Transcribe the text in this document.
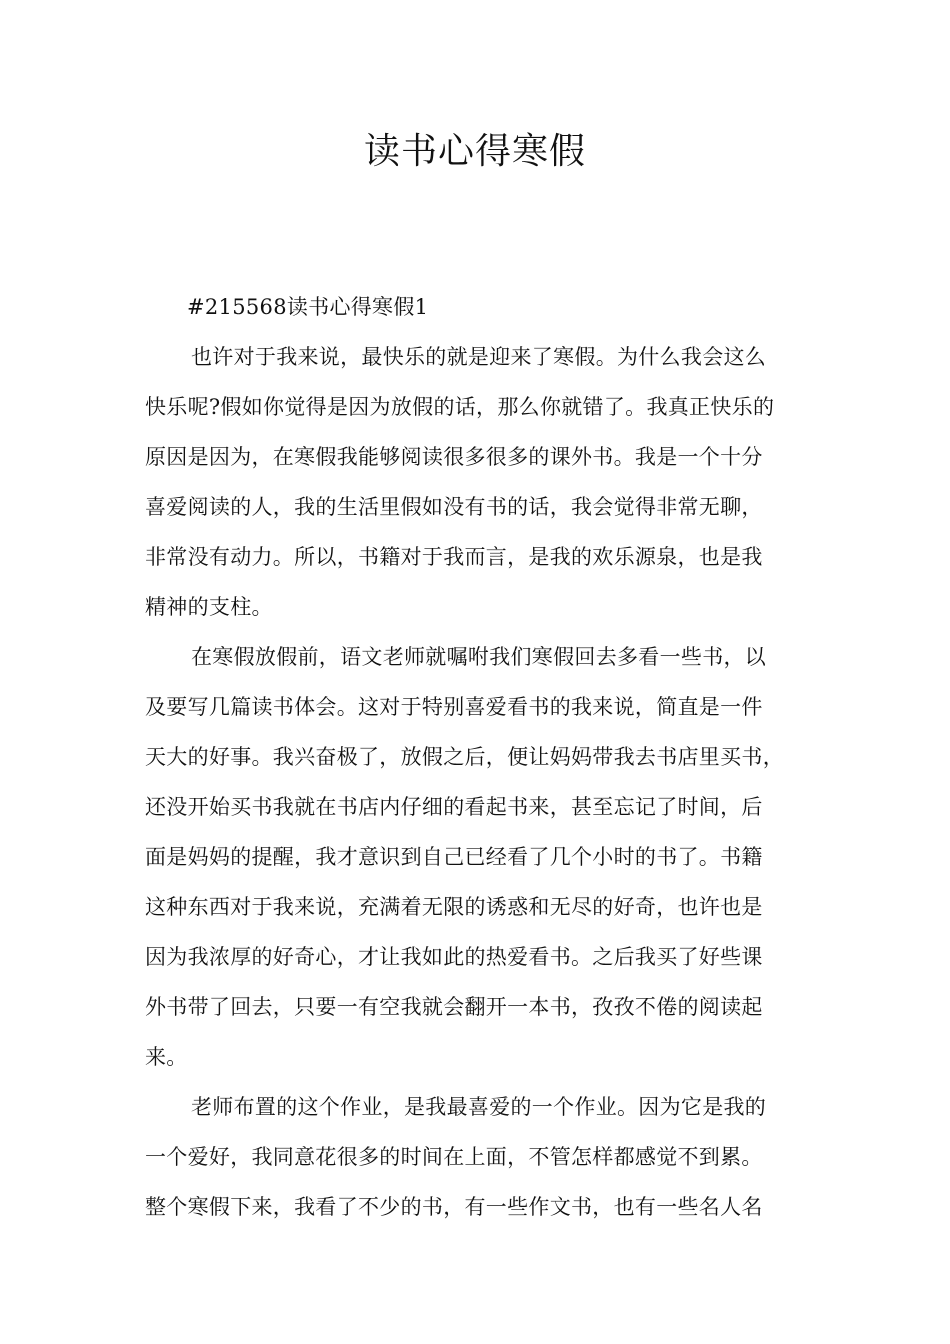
读书心得寒假
#215568读书心得寒假1
也许对于我来说，最快乐的就是迎来了寒假。为什么我会这么
快乐呢?假如你觉得是因为放假的话，那么你就错了。我真正快乐的
原因是因为，在寒假我能够阅读很多很多的课外书。我是一个十分
喜爱阅读的人，我的生活里假如没有书的话，我会觉得非常无聊，
非常没有动力。所以，书籍对于我而言，是我的欢乐源泉，也是我
精神的支柱。
在寒假放假前，语文老师就嘱咐我们寒假回去多看一些书，以
及要写几篇读书体会。这对于特别喜爱看书的我来说，简直是一件
天大的好事。我兴奋极了，放假之后，便让妈妈带我去书店里买书，
还没开始买书我就在书店内仔细的看起书来，甚至忘记了时间，后
面是妈妈的提醒，我才意识到自己已经看了几个小时的书了。书籍
这种东西对于我来说，充满着无限的诱惑和无尽的好奇，也许也是
因为我浓厚的好奇心，才让我如此的热爱看书。之后我买了好些课
外书带了回去，只要一有空我就会翻开一本书，孜孜不倦的阅读起
来。
老师布置的这个作业，是我最喜爱的一个作业。因为它是我的
一个爱好，我同意花很多的时间在上面，不管怎样都感觉不到累。
整个寒假下来，我看了不少的书，有一些作文书，也有一些名人名
